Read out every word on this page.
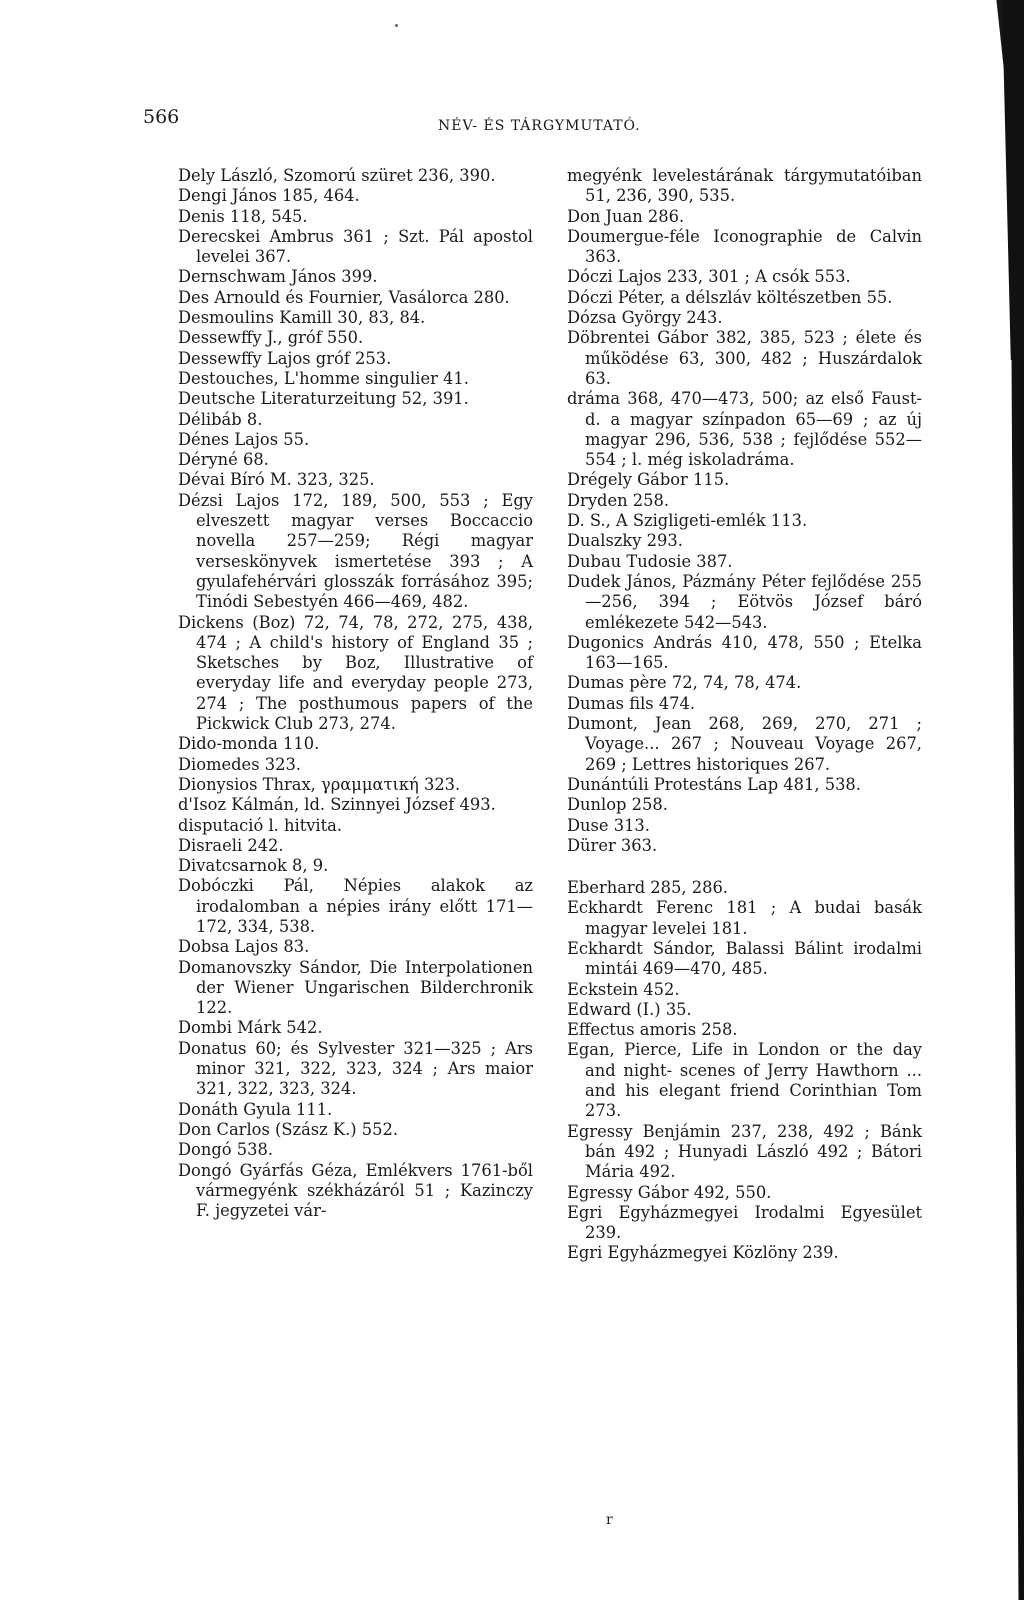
566	NÉV- ÉS TÁRGYMUTATÓ.
Dely László, Szomorú szüret 236, 390.
Dengi János 185, 464.
Denis 118, 545.
Derecskei Ambrus 361 ; Szt. Pál apostol levelei 367.
Dernschwam János 399.
Des Arnould és Fournier, Vasálorca 280.
Desmoulins Kamill 30, 83, 84.
Dessewffy J., gróf 550.
Dessewffy Lajos gróf 253.
Destouches, L'homme singulier 41.
Deutsche Literaturzeitung 52, 391.
Délibáb 8.
Dénes Lajos 55.
Déryné 68.
Dévai Bíró M. 323, 325.
Dézsi Lajos 172, 189, 500, 553 ; Egy elveszett magyar verses Boccaccio novella 257—259; Régi magyar verseskönyvek ismertetése 393 ; A gyulafehérvári glosszák forrásához 395; Tinódi Sebestyén 466—469, 482.
Dickens (Boz) 72, 74, 78, 272, 275, 438, 474 ; A child's history of England 35 ; Sketsches by Boz, Illustrative of everyday life and everyday people 273, 274 ; The posthumous papers of the Pickwick Club 273, 274.
Dido-monda 110.
Diomedes 323.
Dionysios Thrax, γραμματική 323.
d'Isoz Kálmán, ld. Szinnyei József 493.
disputació l. hitvita.
Disraeli 242.
Divatcsarnok 8, 9.
Dobóczki Pál, Népies alakok az irodalomban a népies irány előtt 171—172, 334, 538.
Dobsa Lajos 83.
Domanovszky Sándor, Die Interpolationen der Wiener Ungarischen Bilderchronik 122.
Dombi Márk 542.
Donatus 60; és Sylvester 321—325 ; Ars minor 321, 322, 323, 324 ; Ars maior 321, 322, 323, 324.
Donáth Gyula 111.
Don Carlos (Szász K.) 552.
Dongó 538.
Dongó Gyárfás Géza, Emlékvers 1761-ből vármegyénk székházáról 51 ; Kazinczy F. jegyzetei vár-
megyénk levelestárának tárgymutatóiban 51, 236, 390, 535.
Don Juan 286.
Doumergue-féle Iconographie de Calvin 363.
Dóczi Lajos 233, 301 ; A csók 553.
Dóczi Péter, a délszláv költészetben 55.
Dózsa György 243.
Döbrentei Gábor 382, 385, 523 ; élete és működése 63, 300, 482 ; Huszárdalok 63.
dráma 368, 470—473, 500; az első Faust-d. a magyar színpadon 65—69 ; az új magyar 296, 536, 538 ; fejlődése 552—554 ; l. még iskoladráma.
Drégely Gábor 115.
Dryden 258.
D. S., A Szigligeti-emlék 113.
Dualszky 293.
Dubau Tudosie 387.
Dudek János, Pázmány Péter fejlődése 255—256, 394 ; Eötvös József báró emlékezete 542—543.
Dugonics András 410, 478, 550 ; Etelka 163—165.
Dumas père 72, 74, 78, 474.
Dumas fils 474.
Dumont, Jean 268, 269, 270, 271 ; Voyage... 267 ; Nouveau Voyage 267, 269 ; Lettres historiques 267.
Dunántúli Protestáns Lap 481, 538.
Dunlop 258.
Duse 313.
Dürer 363.
Eberhard 285, 286.
Eckhardt Ferenc 181 ; A budai basák magyar levelei 181.
Eckhardt Sándor, Balassi Bálint irodalmi mintái 469—470, 485.
Eckstein 452.
Edward (I.) 35.
Effectus amoris 258.
Egan, Pierce, Life in London or the day and night- scenes of Jerry Hawthorn ... and his elegant friend Corinthian Tom 273.
Egressy Benjámin 237, 238, 492 ; Bánk bán 492 ; Hunyadi László 492 ; Bátori Mária 492.
Egressy Gábor 492, 550.
Egri Egyházmegyei Irodalmi Egyesület 239.
Egri Egyházmegyei Közlöny 239.
r
